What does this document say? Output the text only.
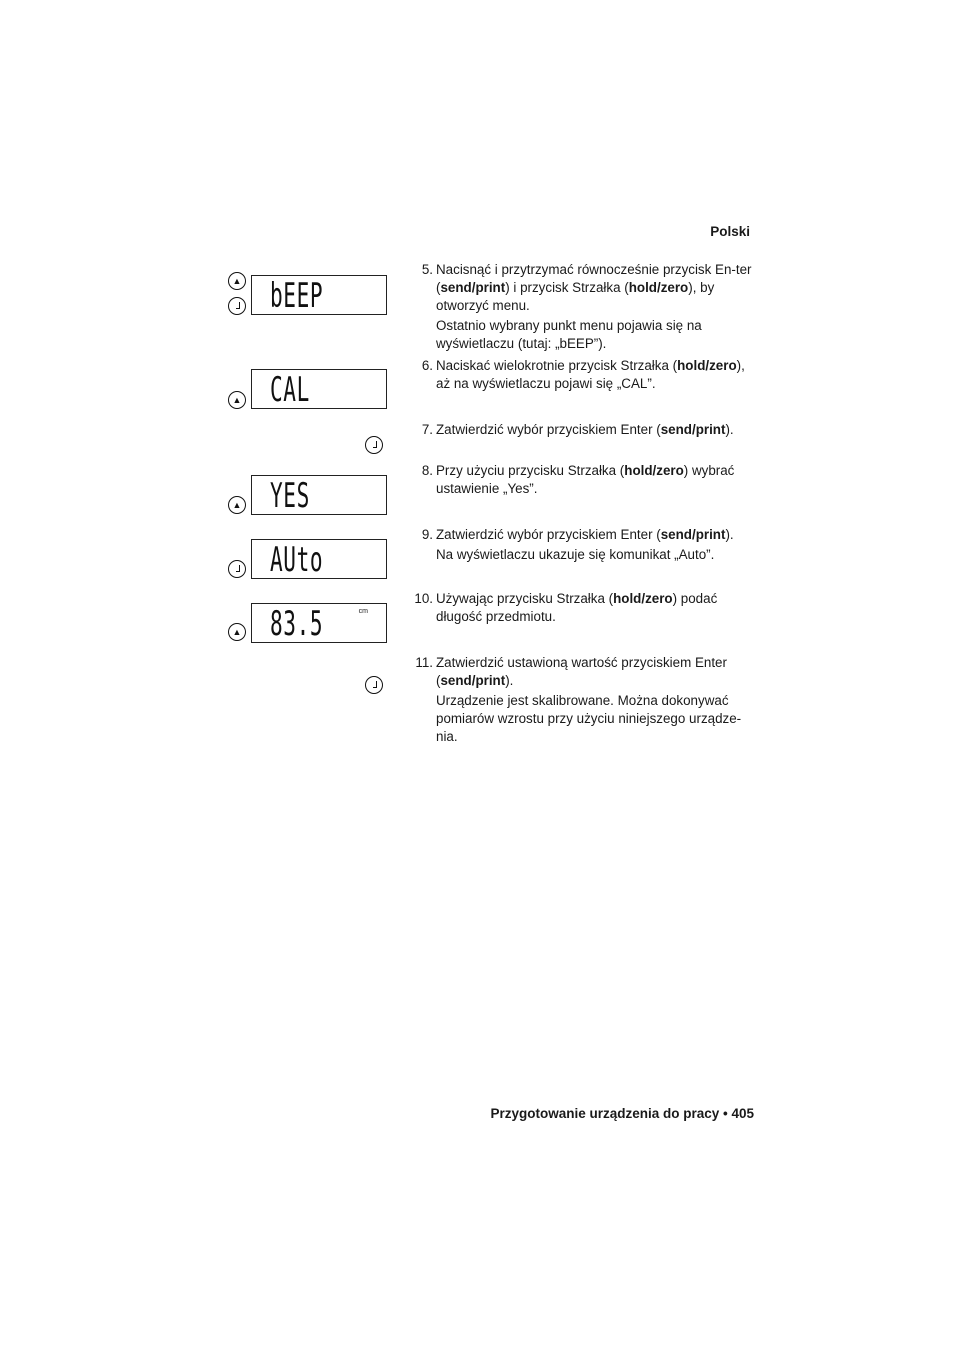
Polski
bEEP
CAL
YES
AUto
83.5	cm
▲
▲
▲
▲
5. Nacisnąć i przytrzymać równocześnie przycisk En-ter (send/print) i przycisk Strzałka (hold/zero), by otworzyć menu.

Ostatnio wybrany punkt menu pojawia się na wyświetlaczu (tutaj: „bEEP”).

6. Naciskać wielokrotnie przycisk Strzałka (hold/zero), aż na wyświetlaczu pojawi się „CAL”.

7. Zatwierdzić wybór przyciskiem Enter (send/print).

8. Przy użyciu przycisku Strzałka (hold/zero) wybrać ustawienie „Yes”.

9. Zatwierdzić wybór przyciskiem Enter (send/print).

Na wyświetlaczu ukazuje się komunikat „Auto”.

10. Używając przycisku Strzałka (hold/zero) podać długość przedmiotu.

11. Zatwierdzić ustawioną wartość przyciskiem Enter (send/print).

Urządzenie jest skalibrowane. Można dokonywać pomiarów wzrostu przy użyciu niniejszego urządze-nia.

Przygotowanie urządzenia do pracy • 405
